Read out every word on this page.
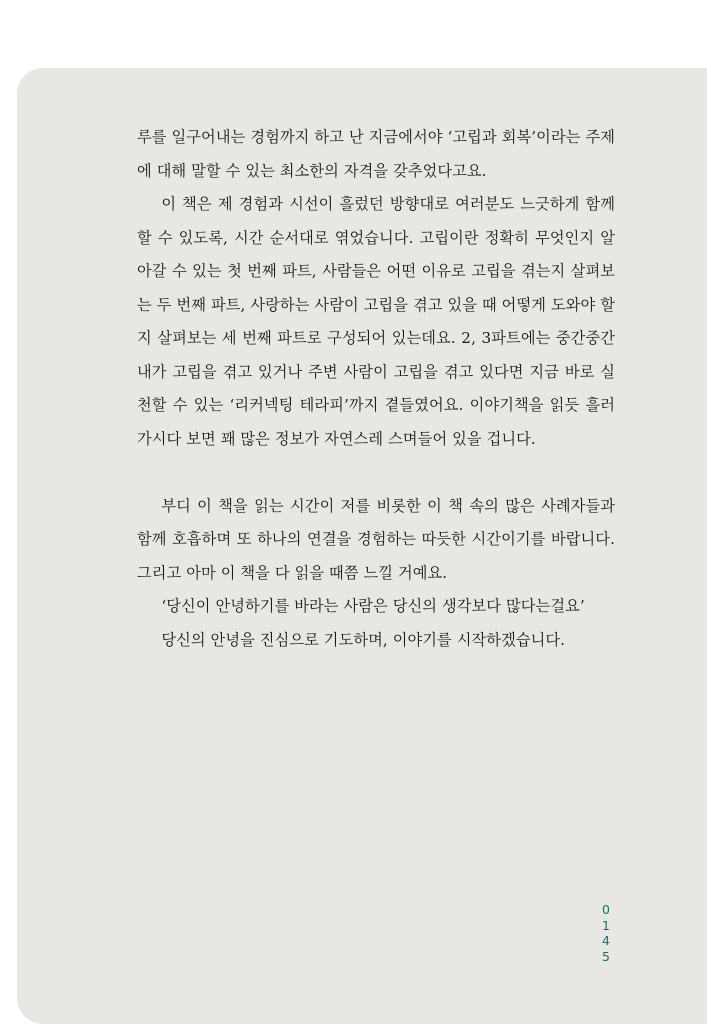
루를 일구어내는 경험까지 하고 난 지금에서야 ‘고립과 회복’이라는 주제에 대해 말할 수 있는 최소한의 자격을 갖추었다고요.

이 책은 제 경험과 시선이 흘렀던 방향대로 여러분도 느긋하게 함께할 수 있도록, 시간 순서대로 엮었습니다. 고립이란 정확히 무엇인지 알아갈 수 있는 첫 번째 파트, 사람들은 어떤 이유로 고립을 겪는지 살펴보는 두 번째 파트, 사랑하는 사람이 고립을 겪고 있을 때 어떻게 도와야 할지 살펴보는 세 번째 파트로 구성되어 있는데요. 2, 3파트에는 중간중간 내가 고립을 겪고 있거나 주변 사람이 고립을 겪고 있다면 지금 바로 실천할 수 있는 ‘리커넥팅 테라피’까지 곁들였어요. 이야기책을 읽듯 흘러가시다 보면 꽤 많은 정보가 자연스레 스며들어 있을 겁니다.

부디 이 책을 읽는 시간이 저를 비롯한 이 책 속의 많은 사례자들과 함께 호흡하며 또 하나의 연결을 경험하는 따듯한 시간이기를 바랍니다. 그리고 아마 이 책을 다 읽을 때쯤 느낄 거예요.

‘당신이 안녕하기를 바라는 사람은 당신의 생각보다 많다는걸요’

당신의 안녕을 진심으로 기도하며, 이야기를 시작하겠습니다.

0
1
4
5
